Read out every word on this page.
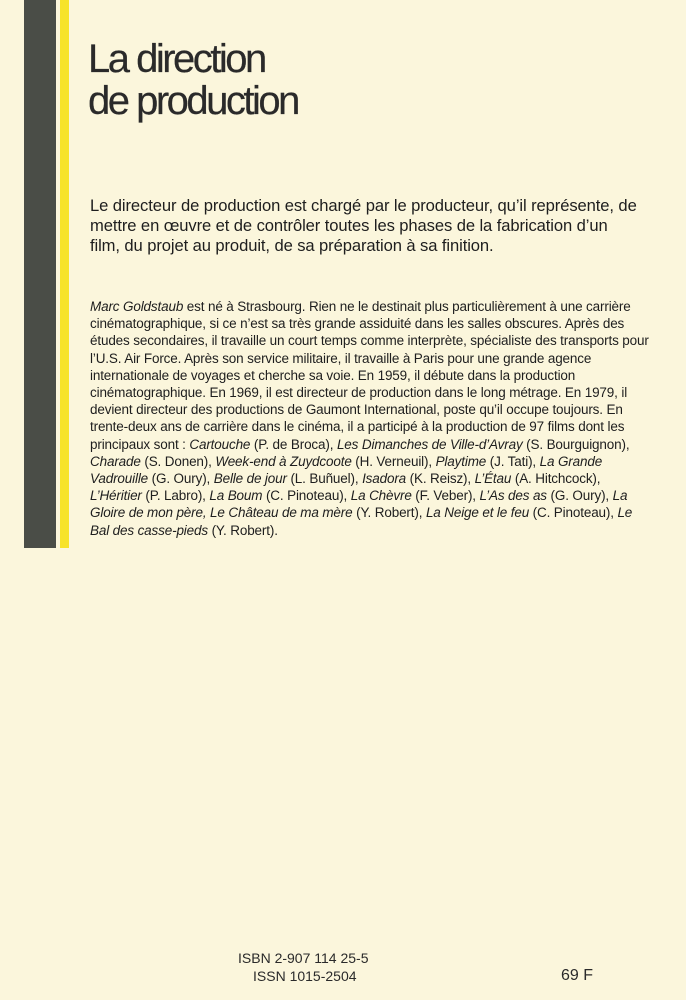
La direction
de production

Le directeur de production est chargé par le producteur, qu’il représente, de mettre en œuvre et de contrôler toutes les phases de la fabrication d’un film, du projet au produit, de sa préparation à sa finition.

Marc Goldstaub est né à Strasbourg. Rien ne le destinait plus particulièrement à une carrière cinématographique, si ce n’est sa très grande assiduité dans les salles obscures. Après des études secondaires, il travaille un court temps comme interprète, spécialiste des transports pour l’U.S. Air Force. Après son service militaire, il travaille à Paris pour une grande agence internationale de voyages et cherche sa voie. En 1959, il débute dans la production cinématographique. En 1969, il est directeur de production dans le long métrage. En 1979, il devient directeur des productions de Gaumont International, poste qu’il occupe toujours. En trente-deux ans de carrière dans le cinéma, il a participé à la production de 97 films dont les principaux sont : Cartouche (P. de Broca), Les Dimanches de Ville-d’Avray (S. Bourguignon), Charade (S. Donen), Week-end à Zuydcoote (H. Verneuil), Playtime (J. Tati), La Grande Vadrouille (G. Oury), Belle de jour (L. Buñuel), Isadora (K. Reisz), L’Étau (A. Hitchcock), L’Héritier (P. Labro), La Boum (C. Pinoteau), La Chèvre (F. Veber), L’As des as (G. Oury), La Gloire de mon père, Le Château de ma mère (Y. Robert), La Neige et le feu (C. Pinoteau), Le Bal des casse-pieds (Y. Robert).

ISBN 2-907 114 25-5
ISSN 1015-2504	69 F
